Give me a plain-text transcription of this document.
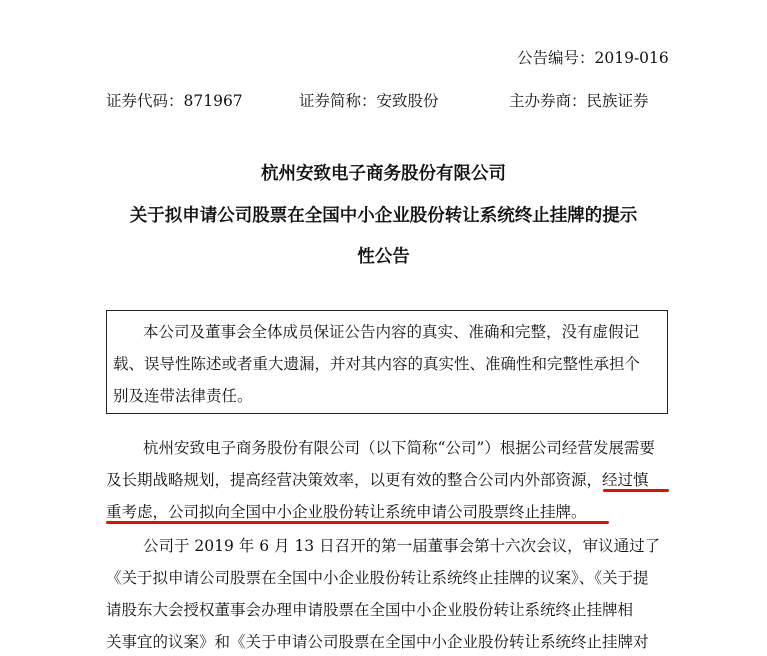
公告编号：2019-016
证券代码：871967	证券简称：安致股份	主办券商：民族证券
杭州安致电子商务股份有限公司
关于拟申请公司股票在全国中小企业股份转让系统终止挂牌的提示
性公告
本公司及董事会全体成员保证公告内容的真实、准确和完整，没有虚假记
载、误导性陈述或者重大遗漏，并对其内容的真实性、准确性和完整性承担个
别及连带法律责任。
杭州安致电子商务股份有限公司（以下简称“公司”）根据公司经营发展需要
及长期战略规划，提高经营决策效率，以更有效的整合公司内外部资源，经过慎
重考虑，公司拟向全国中小企业股份转让系统申请公司股票终止挂牌。
公司于 2019 年 6 月 13 日召开的第一届董事会第十六次会议，审议通过了
《关于拟申请公司股票在全国中小企业股份转让系统终止挂牌的议案》、《关于提
请股东大会授权董事会办理申请股票在全国中小企业股份转让系统终止挂牌相
关事宜的议案》和《关于申请公司股票在全国中小企业股份转让系统终止挂牌对
